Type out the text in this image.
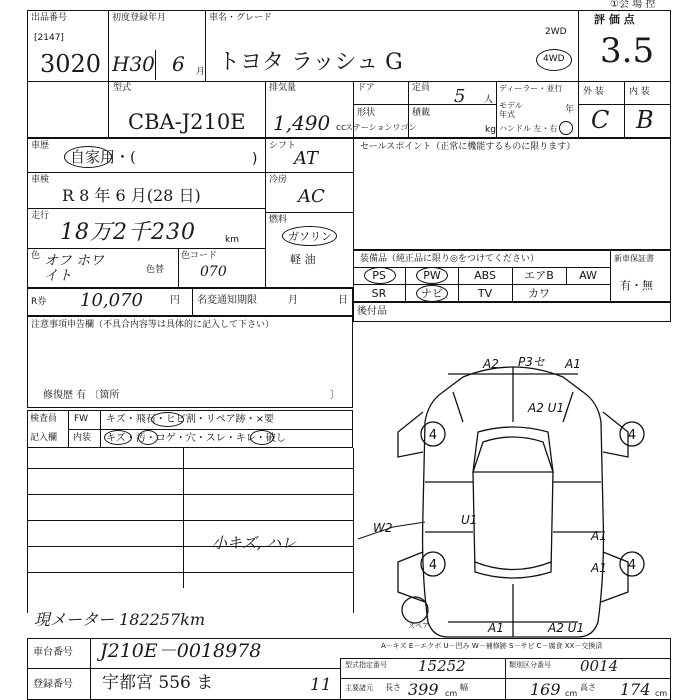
①会 場 控
出品番号
[2147]
3020
初度登録年月
H30 6 月
車名・グレード
トヨタ ラッシュ G
2WD
4WD
評 価 点
3.5
型式
CBA-J210E
排気量
1,490 cc ステーションワゴン
ドア
形状
定員 5 人
積載
kg
ディーラー・並行
モデル 年式	年
ハンドル 左・右
外 装	内 装
C B
車歴
自家用・(	)
車検
R 8 年 6 月(28 日)
走行
18万2千230	km
色 オフ ホワイト	色替
色コード
070
R券 10,070	円 名変通知期限	月	日
注意事項申告欄（不具合内容等は具体的に記入して下さい）
修復歴 有 〔箇所	〕
検査員
記入欄
FW キズ・飛石・ヒビ割・リペア跡・×要
内装 キズ・汚・コゲ・穴・スレ・キレ・破し
小キズ, ハレ
現メーター 182257km
シフト
AT
冷房
AC
燃料
ガソリン
軽 油
セールスポイント（正常に機能するものに限ります）
装備品（純正品に限り◎をつけてください）	新車保証書
有・無
PS	PW	ABS	エアB	AW
SR	ナビ	TV	カワ
後付品
4	4
4	4
A2 P3セ A1
A2 U1
W2
U1
A1
A1
A1	A2 U1
スペア
A－キズ E－エクボ U－凹み W－補修跡 S－サビ C－腐食 XX－交換済
車台番号 J210E－0018978
登録番号 宇都宮 556 ま	11
型式指定番号 15252	類別区分番号 0014
主要諸元 長さ 399 cm
幅	169 cm
高さ 174 cm
